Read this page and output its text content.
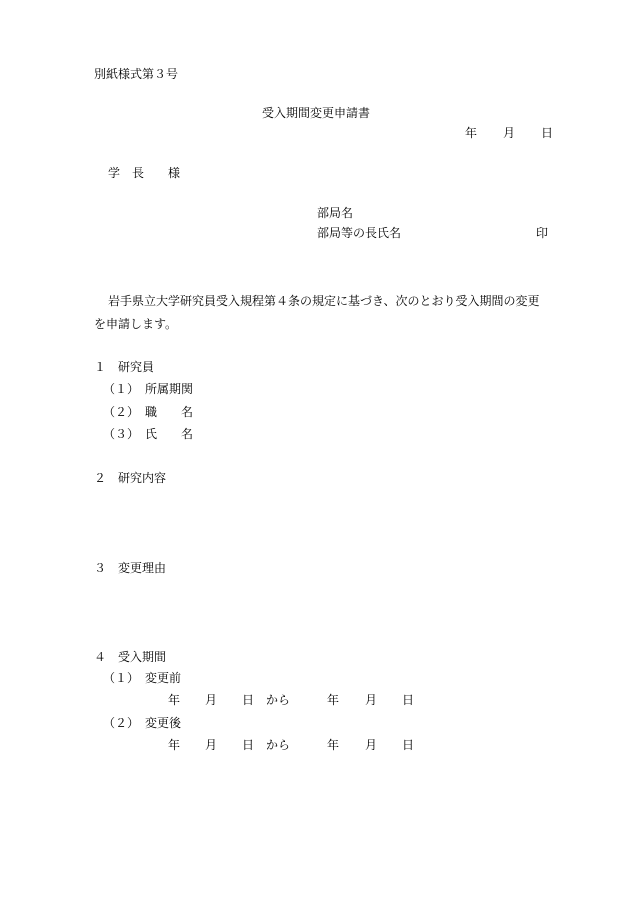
別紙様式第３号
受入期間変更申請書
年 月 日
学　長　　様
部局名
部局等の長氏名	印
岩手県立大学研究員受入規程第４条の規定に基づき、次のとおり受入期間の変更
を申請します。
１　研究員
（１）　所属期関
（２）　職　　名
（３）　氏　　名
２　研究内容
３　変更理由
４　受入期間
（１）　変更前
年 月 日 から	年 月 日
（２）　変更後
年 月 日 から	年 月 日
